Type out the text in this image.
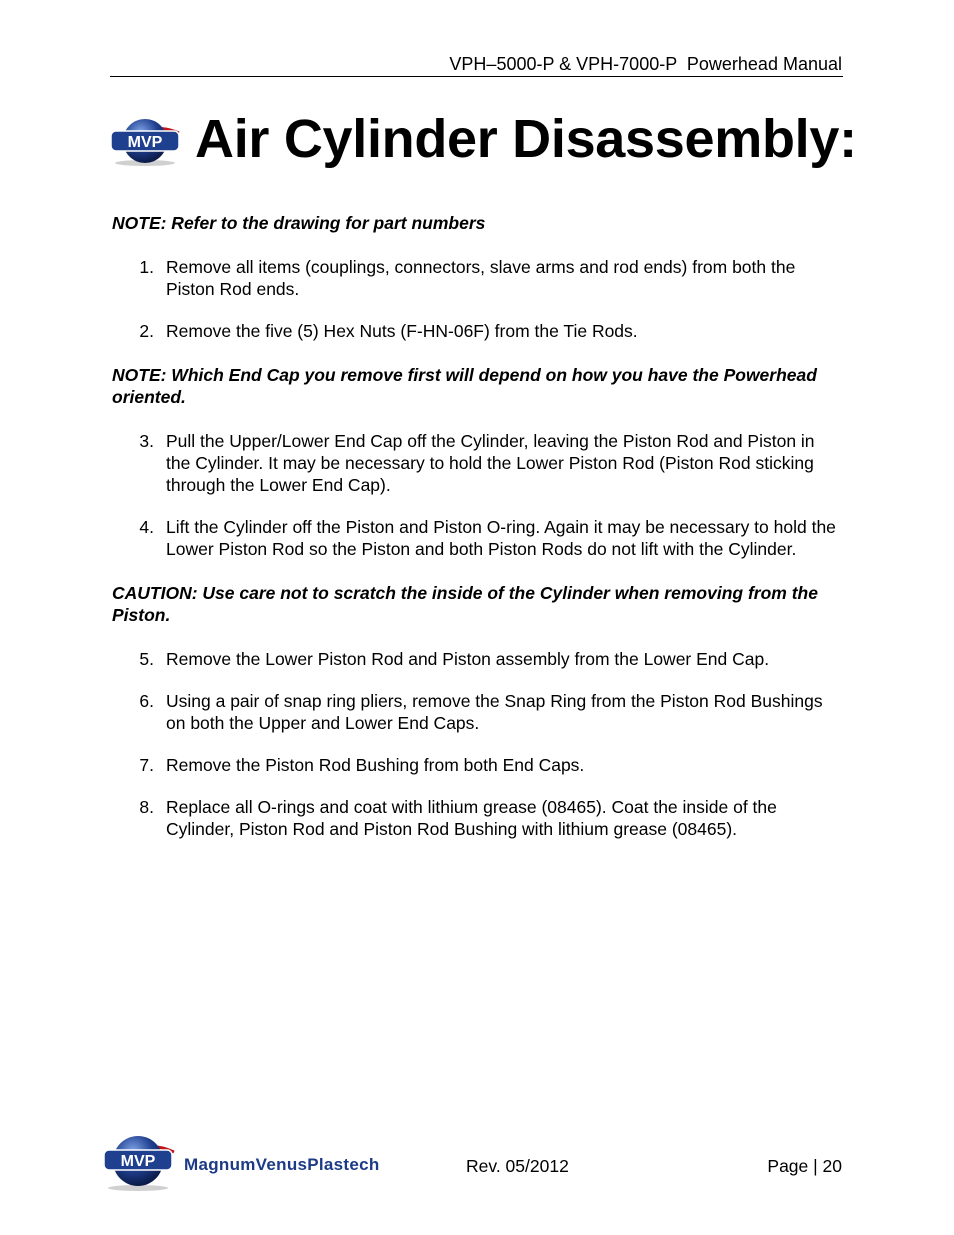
VPH–5000-P & VPH-7000-P  Powerhead Manual
MVP Air Cylinder Disassembly:

NOTE: Refer to the drawing for part numbers

1. Remove all items (couplings, connectors, slave arms and rod ends) from both the Piston Rod ends.
2. Remove the five (5) Hex Nuts (F-HN-06F) from the Tie Rods.

NOTE: Which End Cap you remove first will depend on how you have the Powerhead oriented.

3. Pull the Upper/Lower End Cap off the Cylinder, leaving the Piston Rod and Piston in the Cylinder. It may be necessary to hold the Lower Piston Rod (Piston Rod sticking through the Lower End Cap).
4. Lift the Cylinder off the Piston and Piston O-ring. Again it may be necessary to hold the Lower Piston Rod so the Piston and both Piston Rods do not lift with the Cylinder.

CAUTION: Use care not to scratch the inside of the Cylinder when removing from the Piston.

5. Remove the Lower Piston Rod and Piston assembly from the Lower End Cap.
6. Using a pair of snap ring pliers, remove the Snap Ring from the Piston Rod Bushings on both the Upper and Lower End Caps.
7. Remove the Piston Rod Bushing from both End Caps.
8. Replace all O-rings and coat with lithium grease (08465). Coat the inside of the Cylinder, Piston Rod and Piston Rod Bushing with lithium grease (08465).
MVP MagnumVenusPlastech	Rev. 05/2012	Page | 20
